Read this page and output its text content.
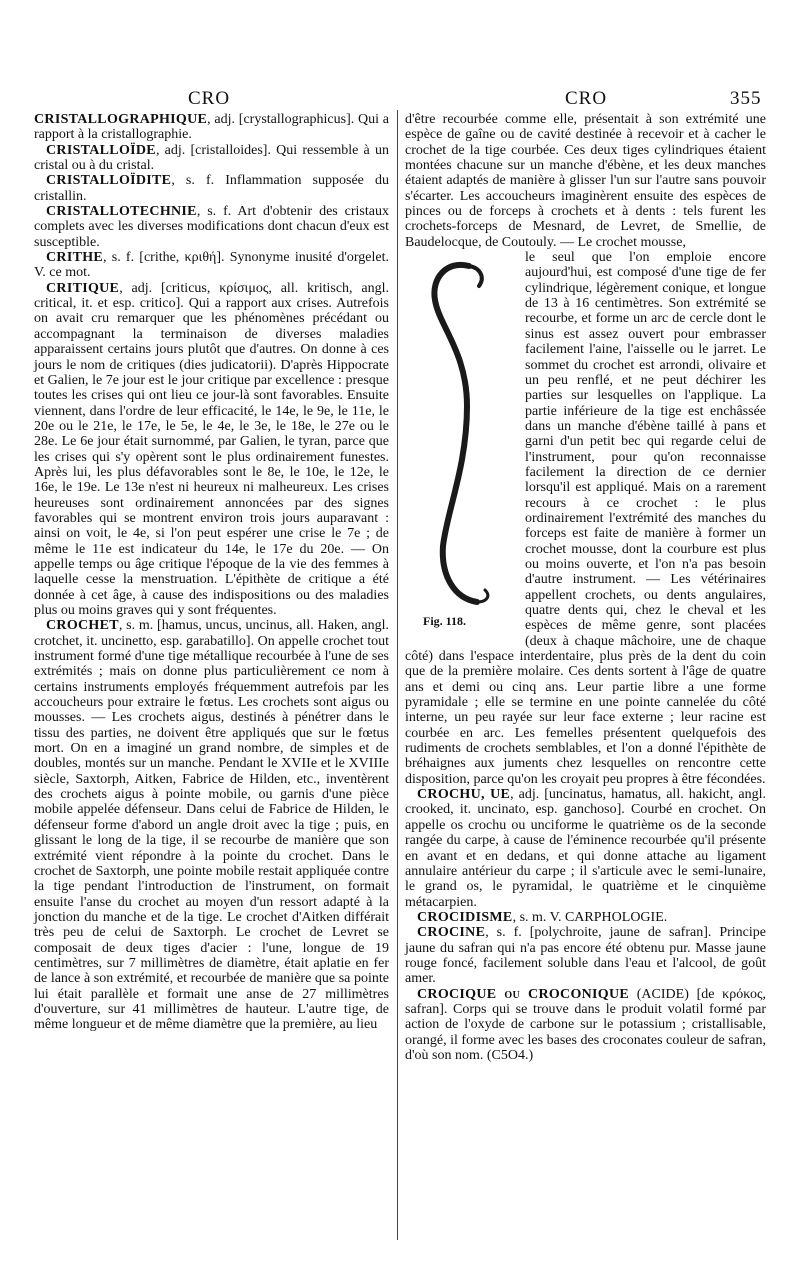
CRO	CRO	355

CRISTALLOGRAPHIQUE, adj. [crystallographicus]. Qui a rapport à la cristallographie.

CRISTALLOÏDE, adj. [cristalloides]. Qui ressemble à un cristal ou à du cristal.

CRISTALLOÏDITE, s. f. Inflammation supposée du cristallin.

CRISTALLOTECHNIE, s. f. Art d'obtenir des cristaux complets avec les diverses modifications dont chacun d'eux est susceptible.

CRITHE, s. f. [crithe, κριθή]. Synonyme inusité d'orgelet. V. ce mot.

CRITIQUE, adj. [criticus, κρίσιμος, all. kritisch, angl. critical, it. et esp. critico]. Qui a rapport aux crises. Autrefois on avait cru remarquer que les phénomènes précédant ou accompagnant la terminaison de diverses maladies apparaissent certains jours plutôt que d'autres. On donne à ces jours le nom de critiques (dies judicatorii). D'après Hippocrate et Galien, le 7e jour est le jour critique par excellence : presque toutes les crises qui ont lieu ce jour-là sont favorables. Ensuite viennent, dans l'ordre de leur efficacité, le 14e, le 9e, le 11e, le 20e ou le 21e, le 17e, le 5e, le 4e, le 3e, le 18e, le 27e ou le 28e. Le 6e jour était surnommé, par Galien, le tyran, parce que les crises qui s'y opèrent sont le plus ordinairement funestes. Après lui, les plus défavorables sont le 8e, le 10e, le 12e, le 16e, le 19e. Le 13e n'est ni heureux ni malheureux. Les crises heureuses sont ordinairement annoncées par des signes favorables qui se montrent environ trois jours auparavant : ainsi on voit, le 4e, si l'on peut espérer une crise le 7e ; de même le 11e est indicateur du 14e, le 17e du 20e. — On appelle temps ou âge critique l'époque de la vie des femmes à laquelle cesse la menstruation. L'épithète de critique a été donnée à cet âge, à cause des indispositions ou des maladies plus ou moins graves qui y sont fréquentes.

CROCHET, s. m. [hamus, uncus, uncinus, all. Haken, angl. crotchet, it. uncinetto, esp. garabatillo]. On appelle crochet tout instrument formé d'une tige métallique recourbée à l'une de ses extrémités ; mais on donne plus particulièrement ce nom à certains instruments employés fréquemment autrefois par les accoucheurs pour extraire le fœtus. Les crochets sont aigus ou mousses. — Les crochets aigus, destinés à pénétrer dans le tissu des parties, ne doivent être appliqués que sur le fœtus mort. On en a imaginé un grand nombre, de simples et de doubles, montés sur un manche. Pendant le XVIIe et le XVIIIe siècle, Saxtorph, Aitken, Fabrice de Hilden, etc., inventèrent des crochets aigus à pointe mobile, ou garnis d'une pièce mobile appelée défenseur. Dans celui de Fabrice de Hilden, le défenseur forme d'abord un angle droit avec la tige ; puis, en glissant le long de la tige, il se recourbe de manière que son extrémité vient répondre à la pointe du crochet. Dans le crochet de Saxtorph, une pointe mobile restait appliquée contre la tige pendant l'introduction de l'instrument, on formait ensuite l'anse du crochet au moyen d'un ressort adapté à la jonction du manche et de la tige. Le crochet d'Aitken différait très peu de celui de Saxtorph. Le crochet de Levret se composait de deux tiges d'acier : l'une, longue de 19 centimètres, sur 7 millimètres de diamètre, était aplatie en fer de lance à son extrémité, et recourbée de manière que sa pointe lui était parallèle et formait une anse de 27 millimètres d'ouverture, sur 41 millimètres de hauteur. L'autre tige, de même longueur et de même diamètre que la première, au lieu

d'être recourbée comme elle, présentait à son extrémité une espèce de gaîne ou de cavité destinée à recevoir et à cacher le crochet de la tige courbée. Ces deux tiges cylindriques étaient montées chacune sur un manche d'ébène, et les deux manches étaient adaptés de manière à glisser l'un sur l'autre sans pouvoir s'écarter. Les accoucheurs imaginèrent ensuite des espèces de pinces ou de forceps à crochets et à dents : tels furent les crochets-forceps de Mesnard, de Levret, de Smellie, de Baudelocque, de Coutouly. — Le crochet mousse,

Fig. 118.

le seul que l'on emploie encore aujourd'hui, est composé d'une tige de fer cylindrique, légèrement conique, et longue de 13 à 16 centimètres. Son extrémité se recourbe, et forme un arc de cercle dont le sinus est assez ouvert pour embrasser facilement l'aine, l'aisselle ou le jarret. Le sommet du crochet est arrondi, olivaire et un peu renflé, et ne peut déchirer les parties sur lesquelles on l'applique. La partie inférieure de la tige est enchâssée dans un manche d'ébène taillé à pans et garni d'un petit bec qui regarde celui de l'instrument, pour qu'on reconnaisse facilement la direction de ce dernier lorsqu'il est appliqué. Mais on a rarement recours à ce crochet : le plus ordinairement l'extrémité des manches du forceps est faite de manière à former un crochet mousse, dont la courbure est plus ou moins ouverte, et l'on n'a pas besoin d'autre instrument. — Les vétérinaires appellent crochets, ou dents angulaires, quatre dents qui, chez le cheval et les espèces de même genre, sont placées (deux à chaque mâchoire, une de chaque côté) dans l'espace interdentaire, plus près de la dent du coin que de la première molaire. Ces dents sortent à l'âge de quatre ans et demi ou cinq ans. Leur partie libre a une forme pyramidale ; elle se termine en une pointe cannelée du côté interne, un peu rayée sur leur face externe ; leur racine est courbée en arc. Les femelles présentent quelquefois des rudiments de crochets semblables, et l'on a donné l'épithète de bréhaignes aux juments chez lesquelles on rencontre cette disposition, parce qu'on les croyait peu propres à être fécondées.

CROCHU, UE, adj. [uncinatus, hamatus, all. hakicht, angl. crooked, it. uncinato, esp. ganchoso]. Courbé en crochet. On appelle os crochu ou unciforme le quatrième os de la seconde rangée du carpe, à cause de l'éminence recourbée qu'il présente en avant et en dedans, et qui donne attache au ligament annulaire antérieur du carpe ; il s'articule avec le semi-lunaire, le grand os, le pyramidal, le quatrième et le cinquième métacarpien.

CROCIDISME, s. m. V. CARPHOLOGIE.

CROCINE, s. f. [polychroite, jaune de safran]. Principe jaune du safran qui n'a pas encore été obtenu pur. Masse jaune rouge foncé, facilement soluble dans l'eau et l'alcool, de goût amer.

CROCIQUE ou CROCONIQUE (ACIDE) [de κρόκος, safran]. Corps qui se trouve dans le produit volatil formé par action de l'oxyde de carbone sur le potassium ; cristallisable, orangé, il forme avec les bases des croconates couleur de safran, d'où son nom. (C5O4.)
